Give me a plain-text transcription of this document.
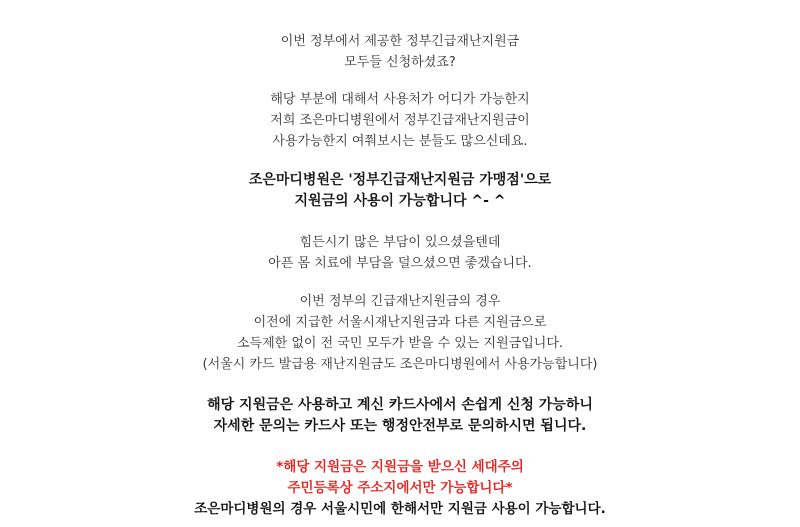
이번 정부에서 제공한 정부긴급재난지원금
모두들 신청하셨죠?
해당 부분에 대해서 사용처가 어디가 가능한지
저희 조은마디병원에서 정부긴급재난지원금이
사용가능한지 여쭤보시는 분들도 많으신데요.
조은마디병원은 '정부긴급재난지원금 가맹점'으로
지원금의 사용이 가능합니다 ^- ^
힘든시기 많은 부담이 있으셨을텐데
아픈 몸 치료에 부담을 덜으셨으면 좋겠습니다.
이번 정부의 긴급재난지원금의 경우
이전에 지급한 서울시재난지원금과 다른 지원금으로
소득제한 없이 전 국민 모두가 받을 수 있는 지원금입니다.
(서울시 카드 발급용 재난지원금도 조은마디병원에서 사용가능합니다)
해당 지원금은 사용하고 계신 카드사에서 손쉽게 신청 가능하니
자세한 문의는 카드사 또는 행정안전부로 문의하시면 됩니다.
*해당 지원금은 지원금을 받으신 세대주의
주민등록상 주소지에서만 가능합니다*
조은마디병원의 경우 서울시민에 한해서만 지원금 사용이 가능합니다.
